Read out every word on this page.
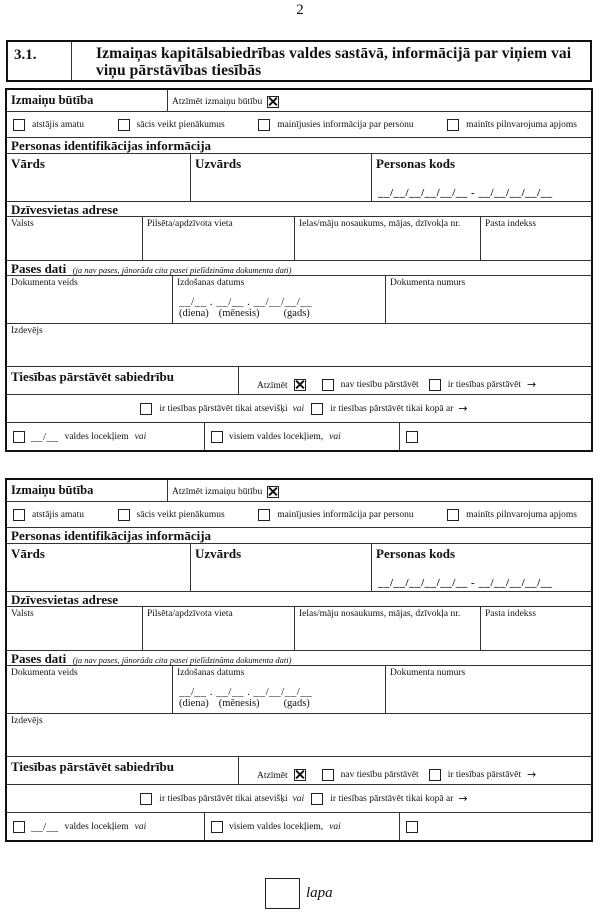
2
3.1.	Izmaiņas kapitālsabiedrības valdes sastāvā, informācijā par viņiem vai viņu pārstāvības tiesībās
Izmaiņu būtība	Atzīmēt izmaiņu būtību
atstājis amatu	sācis veikt pienākumus	mainījusies informācija par personu	mainīts pilnvarojuma apjoms
Personas identifikācijas informācija
Vārds	Uzvārds	Personas kods
__/__/__/__/__/__ - __/__/__/__/__
Dzīvesvietas adrese
Valsts	Pilsēta/apdzīvota vieta	Ielas/māju nosaukums, mājas, dzīvokļa nr.	Pasta indekss
Pases dati (ja nav pases, jānorāda cita pasei pielīdzināma dokumenta dati)
Dokumenta veids	Izdošanas datums
__/__ . __/__ . __/__/__/__
(diena) (mēnesis) (gads)
Dokumenta numurs
Izdevējs
Tiesības pārstāvēt sabiedrību
Atzīmēt	nav tiesību pārstāvēt	ir tiesības pārstāvēt →
ir tiesības pārstāvēt tikai atsevišķi vai	ir tiesības pārstāvēt tikai kopā ar →
__/__ valdes locekļiem vai	visiem valdes locekļiem, vai
Izmaiņu būtība	Atzīmēt izmaiņu būtību
atstājis amatu	sācis veikt pienākumus	mainījusies informācija par personu	mainīts pilnvarojuma apjoms
Personas identifikācijas informācija
Vārds	Uzvārds	Personas kods
__/__/__/__/__/__ - __/__/__/__/__
Dzīvesvietas adrese
Valsts	Pilsēta/apdzīvota vieta	Ielas/māju nosaukums, mājas, dzīvokļa nr.	Pasta indekss
Pases dati (ja nav pases, jānorāda cita pasei pielīdzināma dokumenta dati)
Dokumenta veids	Izdošanas datums
__/__ . __/__ . __/__/__/__
(diena) (mēnesis) (gads)
Dokumenta numurs
Izdevējs
Tiesības pārstāvēt sabiedrību
Atzīmēt	nav tiesību pārstāvēt	ir tiesības pārstāvēt →
ir tiesības pārstāvēt tikai atsevišķi vai	ir tiesības pārstāvēt tikai kopā ar →
__/__ valdes locekļiem vai	visiem valdes locekļiem, vai
lapa
